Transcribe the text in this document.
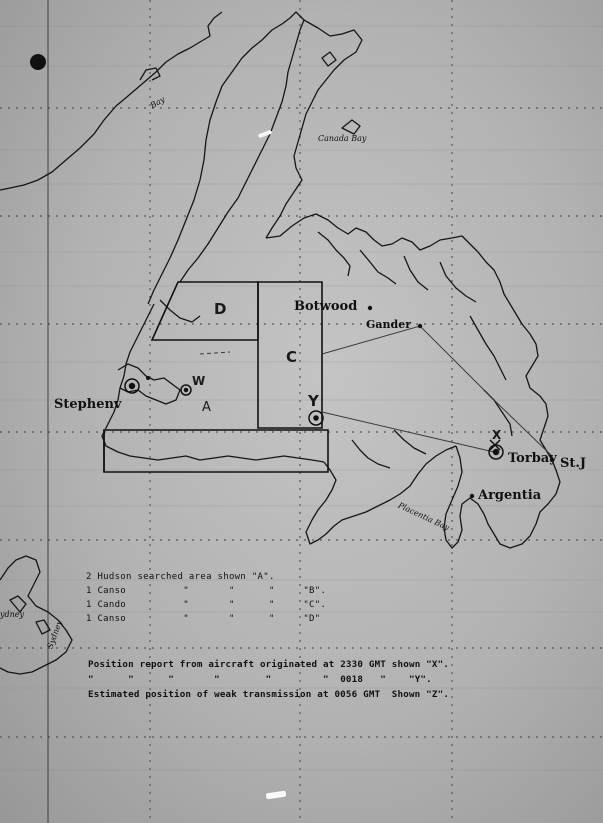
Canada Bay
Botwood
Gander
Stephenv
Torbay St.J
Argentia
ydney
Sydney
Bay
Placentia Bay
D
C
A
W
X
Y
2 Hudson searched area shown "A".
1 Canso	"       "      "	"B".
1 Cando	"       "      "	"C".
1 Canso	"       "      "	"D"
Position report from aircraft originated at 2330 GMT shown "X".
"      "      "       "        "         " 0018   "    "Y".
Estimated position of weak transmission at 0056 GMT  Shown "Z".
